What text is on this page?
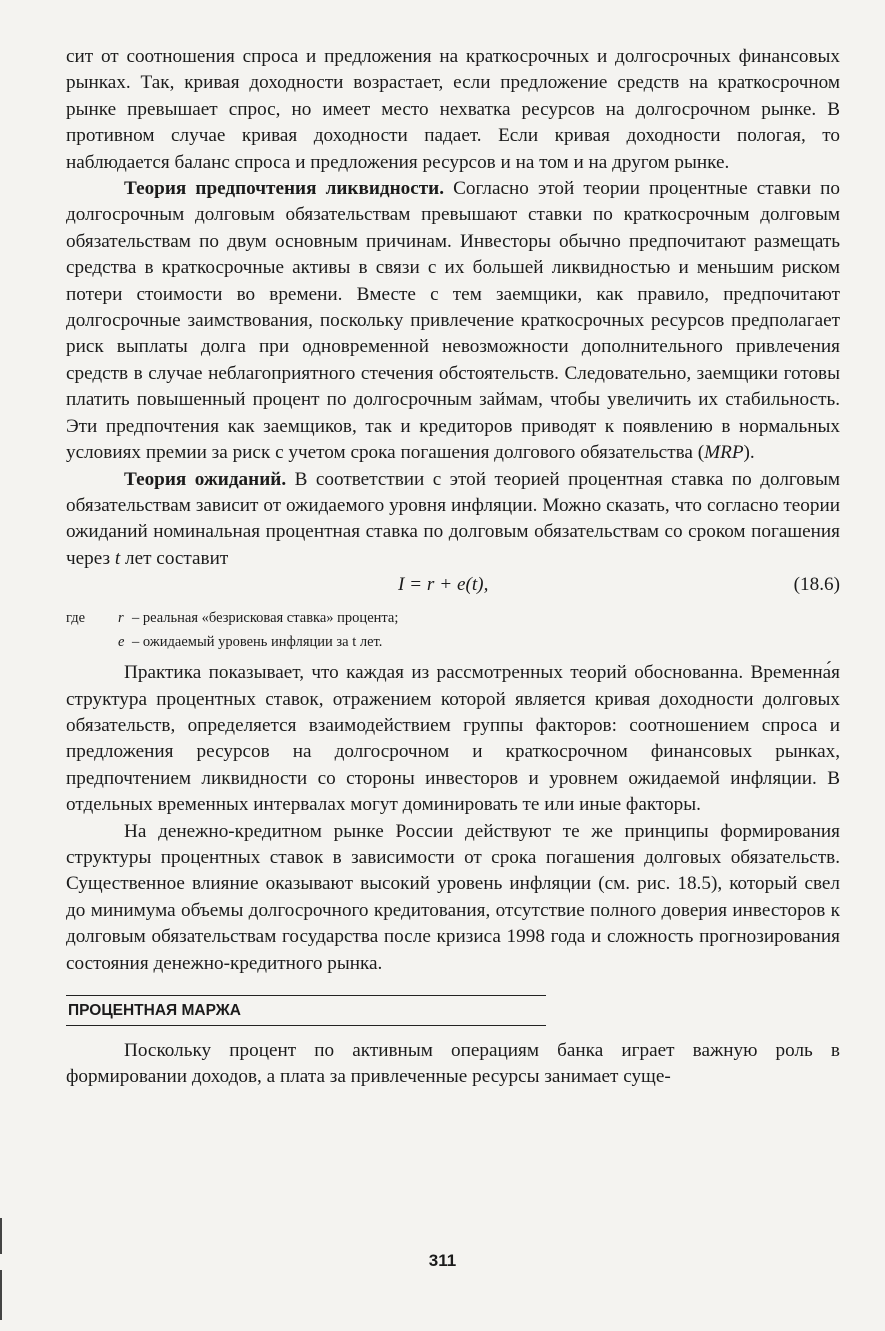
сит от соотношения спроса и предложения на краткосрочных и долгосрочных финансовых рынках. Так, кривая доходности возрастает, если предложение средств на краткосрочном рынке превышает спрос, но имеет место нехватка ресурсов на долгосрочном рынке. В противном случае кривая доходности падает. Если кривая доходности пологая, то наблюдается баланс спроса и предложения ресурсов и на том и на другом рынке.

Теория предпочтения ликвидности. Согласно этой теории процентные ставки по долгосрочным долговым обязательствам превышают ставки по краткосрочным долговым обязательствам по двум основным причинам. Инвесторы обычно предпочитают размещать средства в краткосрочные активы в связи с их большей ликвидностью и меньшим риском потери стоимости во времени. Вместе с тем заемщики, как правило, предпочитают долгосрочные заимствования, поскольку привлечение краткосрочных ресурсов предполагает риск выплаты долга при одновременной невозможности дополнительного привлечения средств в случае неблагоприятного стечения обстоятельств. Следовательно, заемщики готовы платить повышенный процент по долгосрочным займам, чтобы увеличить их стабильность. Эти предпочтения как заемщиков, так и кредиторов приводят к появлению в нормальных условиях премии за риск с учетом срока погашения долгового обязательства (MRP).

Теория ожиданий. В соответствии с этой теорией процентная ставка по долговым обязательствам зависит от ожидаемого уровня инфляции. Можно сказать, что согласно теории ожиданий номинальная процентная ставка по долговым обязательствам со сроком погашения через t лет составит

I = r + e(t),	(18.6)
где r – реальная «безрисковая ставка» процента;
e – ожидаемый уровень инфляции за t лет.

Практика показывает, что каждая из рассмотренных теорий обоснованна. Временна́я структура процентных ставок, отражением которой является кривая доходности долговых обязательств, определяется взаимодействием группы факторов: соотношением спроса и предложения ресурсов на долгосрочном и краткосрочном финансовых рынках, предпочтением ликвидности со стороны инвесторов и уровнем ожидаемой инфляции. В отдельных временных интервалах могут доминировать те или иные факторы.

На денежно-кредитном рынке России действуют те же принципы формирования структуры процентных ставок в зависимости от срока погашения долговых обязательств. Существенное влияние оказывают высокий уровень инфляции (см. рис. 18.5), который свел до минимума объемы долгосрочного кредитования, отсутствие полного доверия инвесторов к долговым обязательствам государства после кризиса 1998 года и сложность прогнозирования состояния денежно-кредитного рынка.

ПРОЦЕНТНАЯ МАРЖА

Поскольку процент по активным операциям банка играет важную роль в формировании доходов, а плата за привлеченные ресурсы занимает суще-

311
